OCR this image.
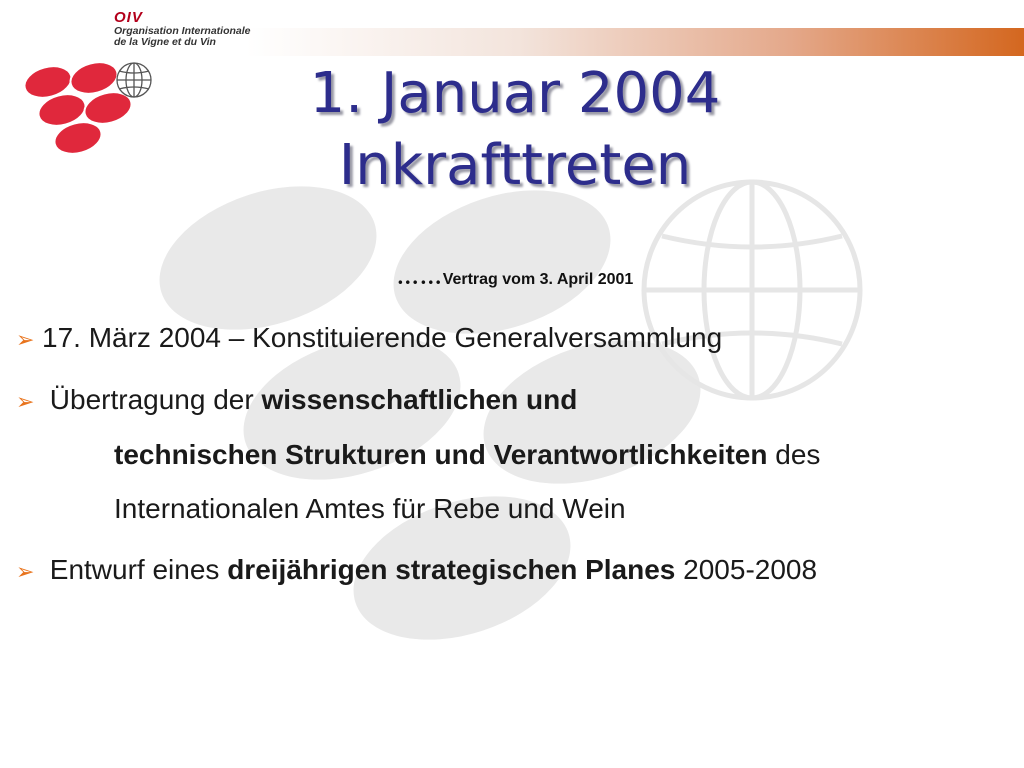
OIV
Organisation Internationale
de la Vigne et du Vin
1. Januar 2004
Inkrafttreten
……Vertrag vom 3. April 2001
➢ 17. März 2004 – Konstituierende Generalversammlung
➢ Übertragung der wissenschaftlichen und
technischen Strukturen und Verantwortlichkeiten des
Internationalen Amtes für Rebe und Wein
➢ Entwurf eines dreijährigen strategischen Planes 2005-2008
